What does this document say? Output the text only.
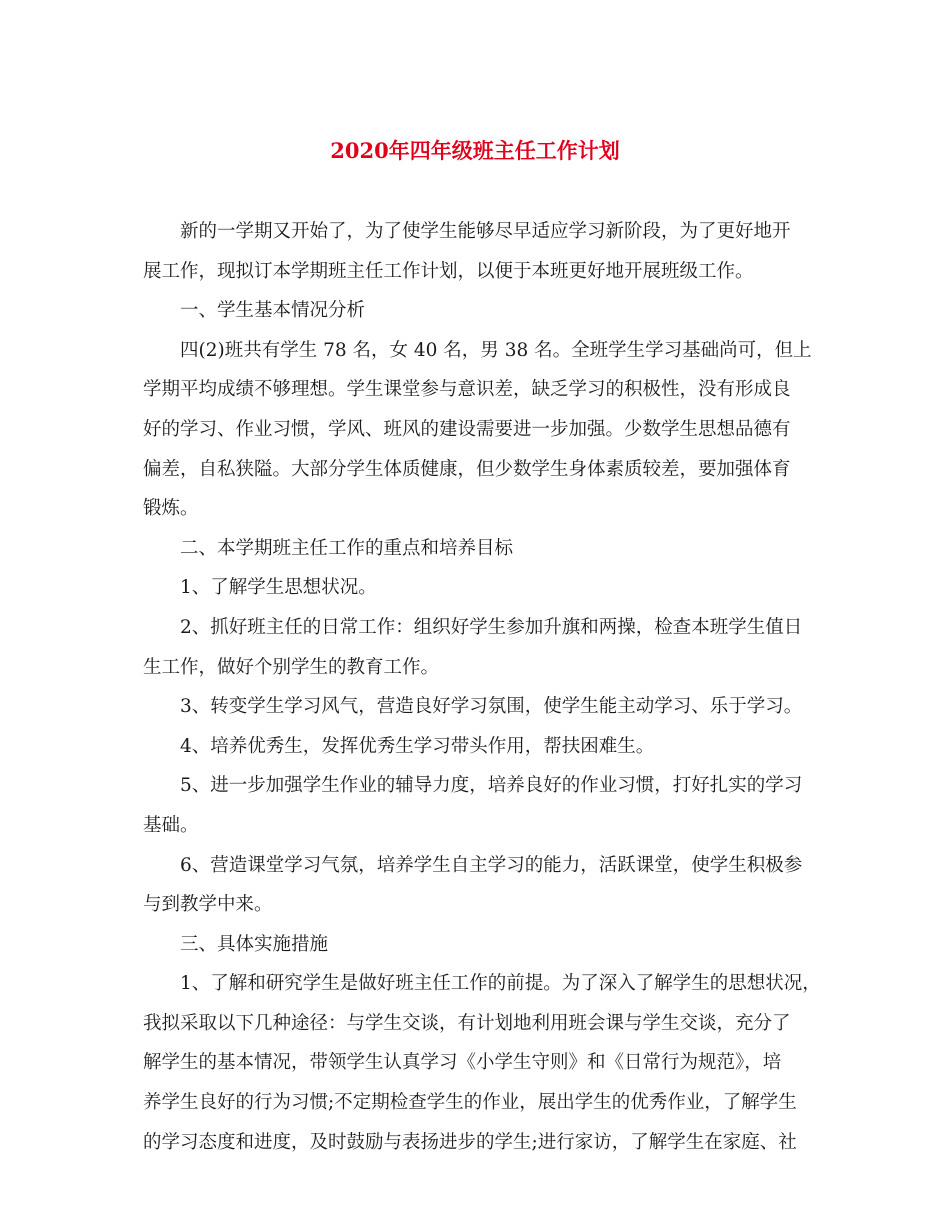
2020年四年级班主任工作计划
新的一学期又开始了，为了使学生能够尽早适应学习新阶段，为了更好地开
展工作，现拟订本学期班主任工作计划，以便于本班更好地开展班级工作。
一、学生基本情况分析
四(2)班共有学生 78 名，女 40 名，男 38 名。全班学生学习基础尚可，但上
学期平均成绩不够理想。学生课堂参与意识差，缺乏学习的积极性，没有形成良
好的学习、作业习惯，学风、班风的建设需要进一步加强。少数学生思想品德有
偏差，自私狭隘。大部分学生体质健康，但少数学生身体素质较差，要加强体育
锻炼。
二、本学期班主任工作的重点和培养目标
1、了解学生思想状况。
2、抓好班主任的日常工作：组织好学生参加升旗和两操，检查本班学生值日
生工作，做好个别学生的教育工作。
3、转变学生学习风气，营造良好学习氛围，使学生能主动学习、乐于学习。
4、培养优秀生，发挥优秀生学习带头作用，帮扶困难生。
5、进一步加强学生作业的辅导力度，培养良好的作业习惯，打好扎实的学习
基础。
6、营造课堂学习气氛，培养学生自主学习的能力，活跃课堂，使学生积极参
与到教学中来。
三、具体实施措施
1、了解和研究学生是做好班主任工作的前提。为了深入了解学生的思想状况，
我拟采取以下几种途径：与学生交谈，有计划地利用班会课与学生交谈，充分了
解学生的基本情况，带领学生认真学习《小学生守则》和《日常行为规范》，培
养学生良好的行为习惯;不定期检查学生的作业，展出学生的优秀作业，了解学生
的学习态度和进度，及时鼓励与表扬进步的学生;进行家访，了解学生在家庭、社
